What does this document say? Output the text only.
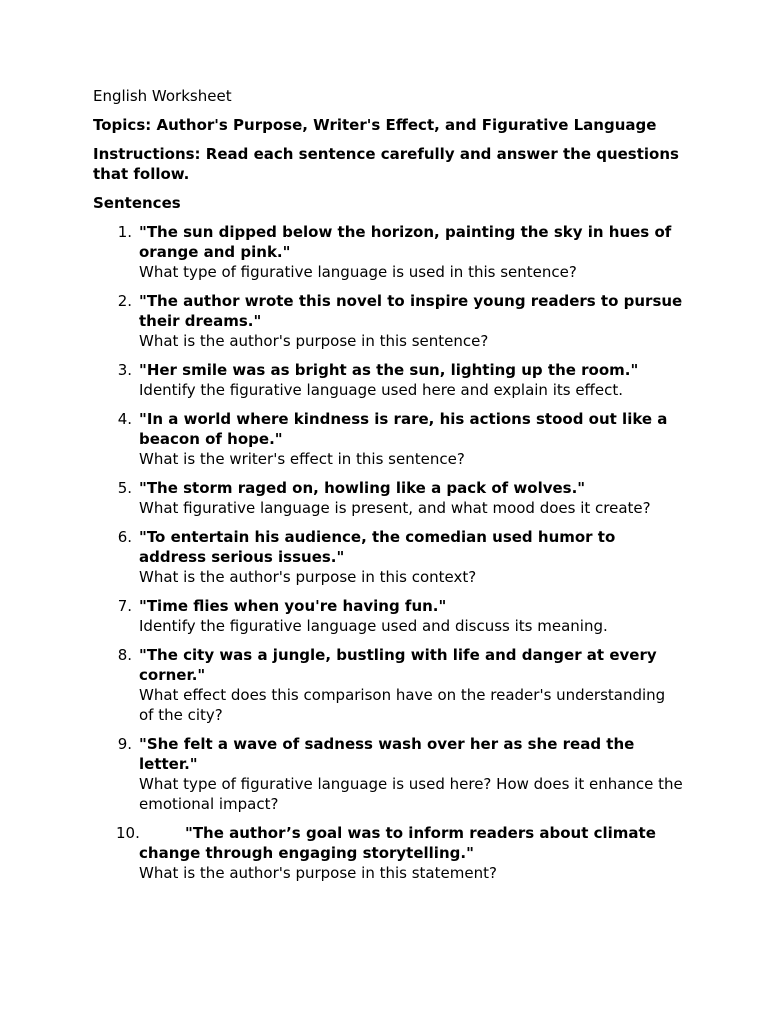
English Worksheet
Topics: Author's Purpose, Writer's Effect, and Figurative Language
Instructions: Read each sentence carefully and answer the questions that follow.
Sentences
1. "The sun dipped below the horizon, painting the sky in hues of orange and pink."
What type of figurative language is used in this sentence?
2. "The author wrote this novel to inspire young readers to pursue their dreams."
What is the author's purpose in this sentence?
3. "Her smile was as bright as the sun, lighting up the room."
Identify the figurative language used here and explain its effect.
4. "In a world where kindness is rare, his actions stood out like a beacon of hope."
What is the writer's effect in this sentence?
5. "The storm raged on, howling like a pack of wolves."
What figurative language is present, and what mood does it create?
6. "To entertain his audience, the comedian used humor to address serious issues."
What is the author's purpose in this context?
7. "Time flies when you're having fun."
Identify the figurative language used and discuss its meaning.
8. "The city was a jungle, bustling with life and danger at every corner."
What effect does this comparison have on the reader's understanding of the city?
9. "She felt a wave of sadness wash over her as she read the letter."
What type of figurative language is used here? How does it enhance the emotional impact?
10.	"The author’s goal was to inform readers about climate change through engaging storytelling."
What is the author's purpose in this statement?
